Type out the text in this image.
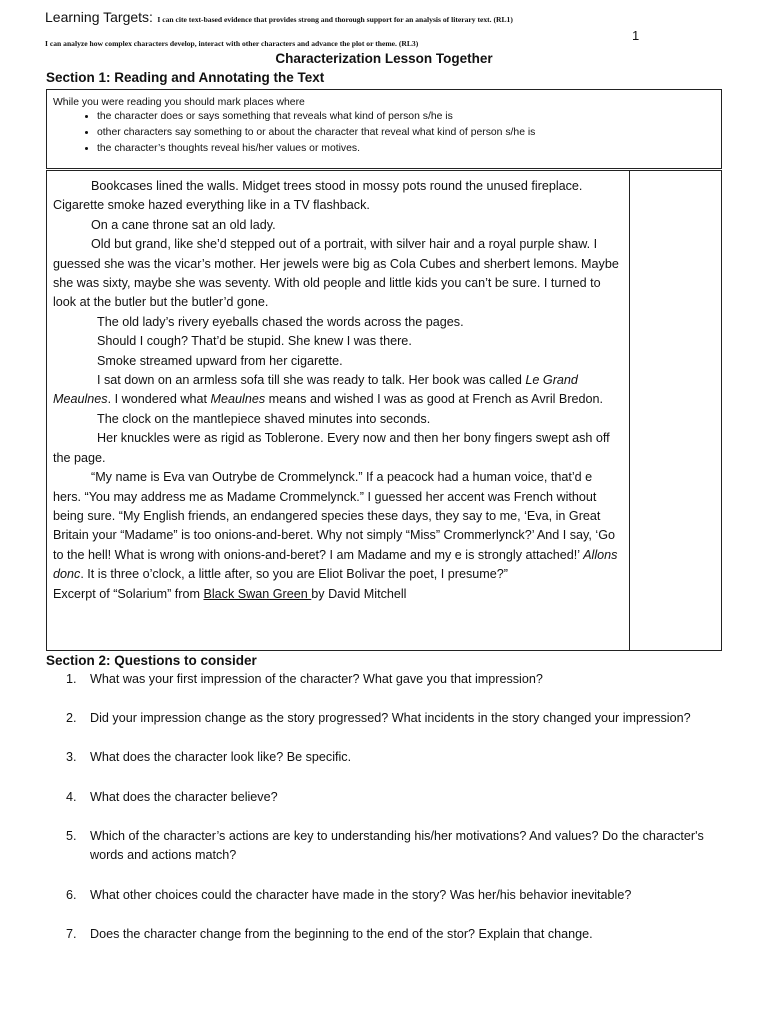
Learning Targets: I can cite text-based evidence that provides strong and thorough support for an analysis of literary text. (RL1)
I can analyze how complex characters develop, interact with other characters and advance the plot or theme. (RL3)
1
Characterization Lesson Together
Section 1: Reading and Annotating the Text
While you were reading you should mark places where
• the character does or says something that reveals what kind of person s/he is
• other characters say something to or about the character that reveal what kind of person s/he is
• the character’s thoughts reveal his/her values or motives.

Bookcases lined the walls. Midget trees stood in mossy pots round the unused fireplace. Cigarette smoke hazed everything like in a TV flashback.

On a cane throne sat an old lady.

Old but grand, like she’d stepped out of a portrait, with silver hair and a royal purple shaw. I guessed she was the vicar’s mother. Her jewels were big as Cola Cubes and sherbert lemons. Maybe she was sixty, maybe she was seventy. With old people and little kids you can’t be sure. I turned to look at the butler but the butler’d gone.

The old lady’s rivery eyeballs chased the words across the pages.

Should I cough? That’d be stupid. She knew I was there.

Smoke streamed upward from her cigarette.

I sat down on an armless sofa till she was ready to talk. Her book was called Le Grand Meaulnes. I wondered what Meaulnes means and wished I was as good at French as Avril Bredon.

The clock on the mantlepiece shaved minutes into seconds.

Her knuckles were as rigid as Toblerone. Every now and then her bony fingers swept ash off the page.

“My name is Eva van Outrybe de Crommelynck.” If a peacock had a human voice, that’d e hers. “You may address me as Madame Crommelynck.” I guessed her accent was French without being sure. “My English friends, an endangered species these days, they say to me, ‘Eva, in Great Britain your “Madame” is too onions-and-beret. Why not simply “Miss” Crommerlynck?’ And I say, ‘Go to the hell! What is wrong with onions-and-beret? I am Madame and my e is strongly attached!’ Allons donc. It is three o’clock, a little after, so you are Eliot Bolivar the poet, I presume?”

Excerpt of “Solarium” from Black Swan Green by David Mitchell

Section 2: Questions to consider
1. What was your first impression of the character? What gave you that impression?
2. Did your impression change as the story progressed? What incidents in the story changed your impression?
3. What does the character look like? Be specific.
4. What does the character believe?
5. Which of the character’s actions are key to understanding his/her motivations? And values? Do the character's words and actions match?
6. What other choices could the character have made in the story? Was her/his behavior inevitable?
7. Does the character change from the beginning to the end of the stor? Explain that change.
